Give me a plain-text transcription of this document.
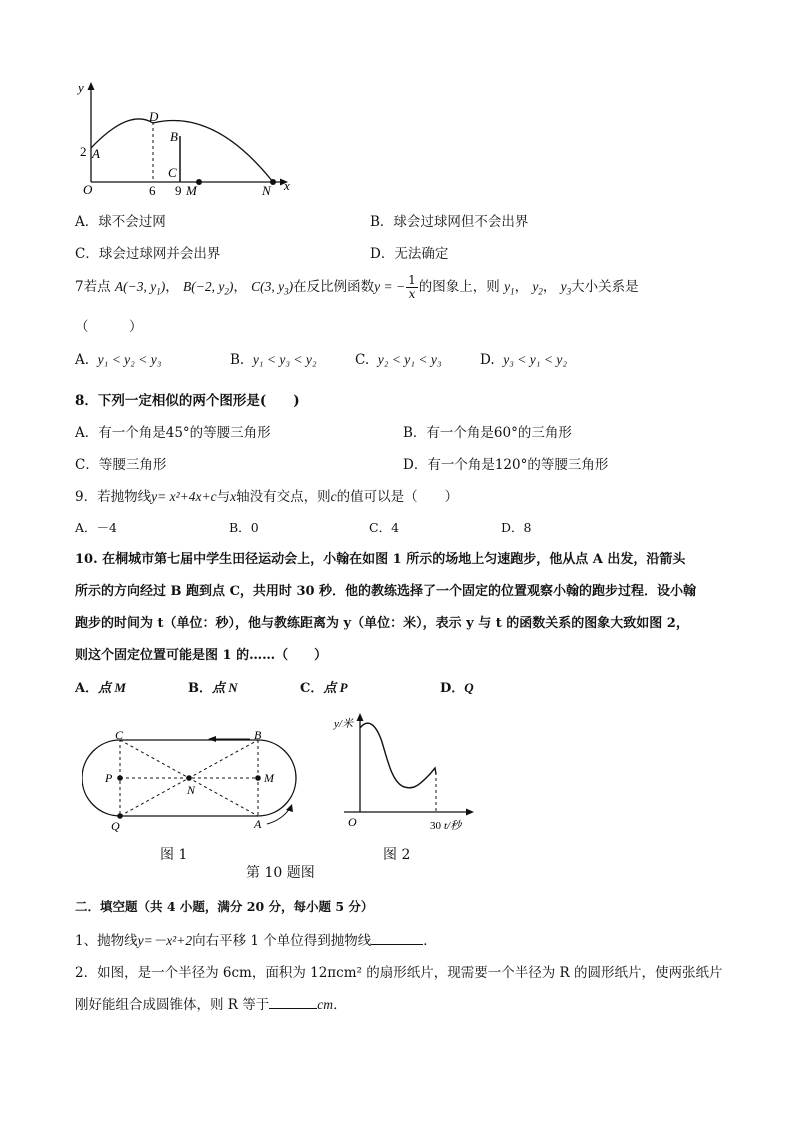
y
x
O
2 A
D
B
C
6 9 M	N
A．球不会过网	B．球会过球网但不会出界
C．球会过球网并会出界	D．无法确定
7若点 A(−3, $y_1$)， B(−2, $y_2$)， C(3, $y_3$)在反比例函数y = − $\frac{1}{x}$ 的图象上，则 $y_1$， $y_2$， $y_3$大小关系是
（　　　）
A. y₁ < y₂ < y₃	B. y₁ < y₃ < y₂	C. y₂ < y₁ < y₃	D. y₃ < y₁ < y₂
8．下列一定相似的两个图形是(　　)
A．有一个角是45°的等腰三角形	B．有一个角是60°的三角形
C．等腰三角形	D．有一个角是120°的等腰三角形
9．若抛物线y= x²+4x+c与x轴没有交点，则c的值可以是（　　）
A．－4	B．0	C．4	D．8
10. 在桐城市第七届中学生田径运动会上，小翰在如图 1 所示的场地上匀速跑步，他从点 A 出发，沿箭头
所示的方向经过 B 跑到点 C，共用时 30 秒．他的教练选择了一个固定的位置观察小翰的跑步过程．设小翰
跑步的时间为 t（单位：秒），他与教练距离为 y（单位：米），表示 y 与 t 的函数关系的图象大致如图 2，
则这个固定位置可能是图 1 的……（　　）
A．点 M	B．点 N	C．点 P	D．Q
C	B
P	M
N
Q	A
y/米
O	30 t/秒
图 1	图 2
第 10 题图
二．填空题（共 4 小题，满分 20 分，每小题 5 分）
1、抛物线y=－x²+2向右平移 1 个单位得到抛物线	．
2．如图，是一个半径为 6cm，面积为 12πcm² 的扇形纸片，现需要一个半径为 R 的圆形纸片，使两张纸片
刚好能组合成圆锥体，则 R 等于	cm．
